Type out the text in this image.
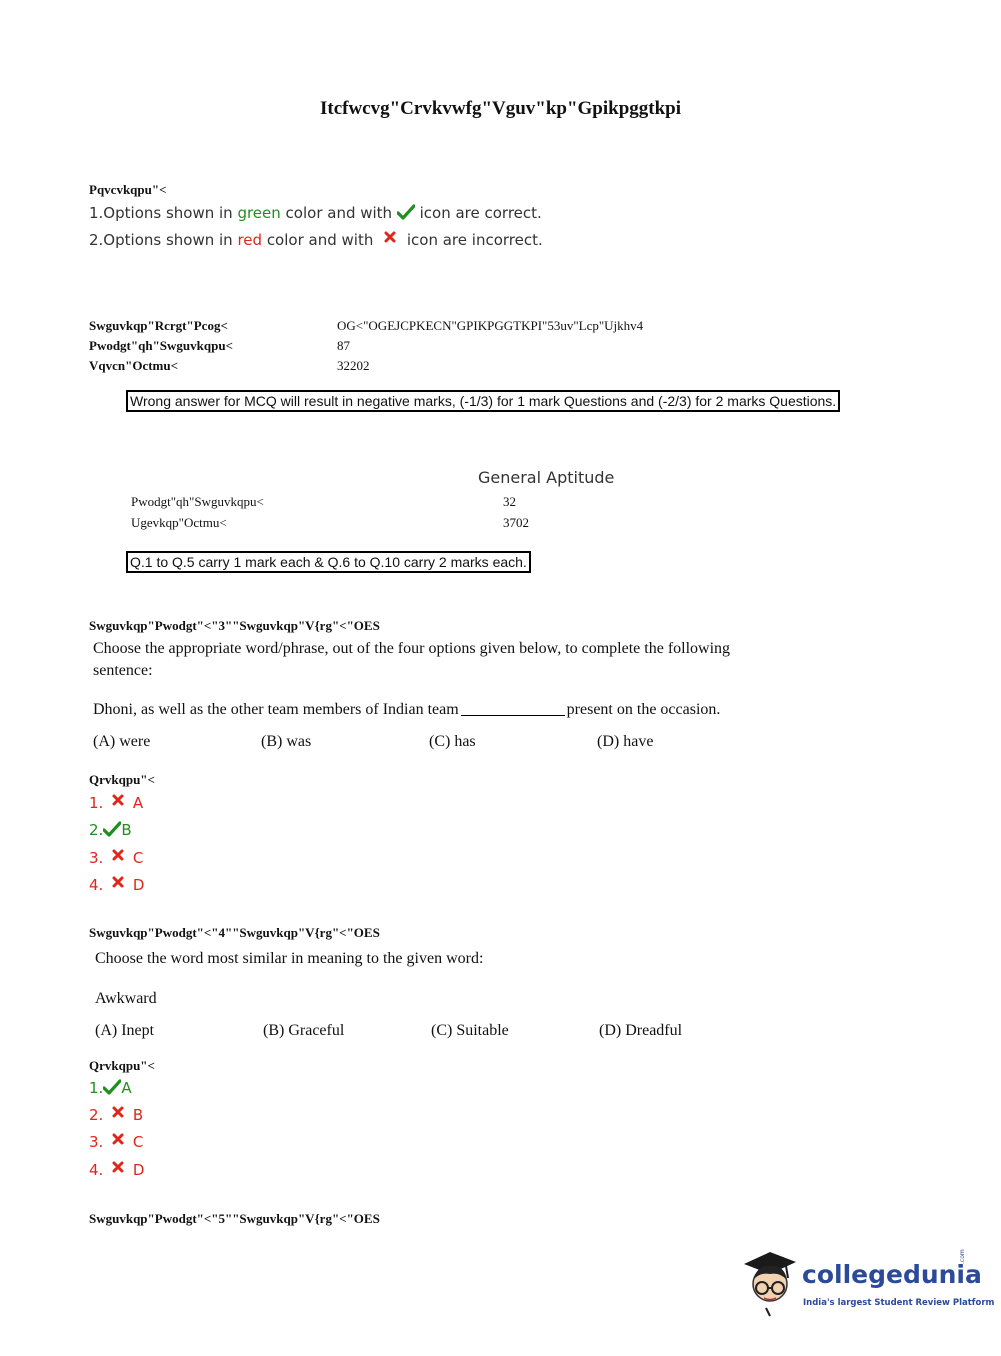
Itcfwcvg"Crvkvwfg"Vguv"kp"Gpikpggtkpi
Pqvcvkqpu"<
1.Options shown in green color and with  icon are correct.
2.Options shown in red color and with  icon are incorrect.
Swguvkqp"Rcrgt"Pcog<	OG<"OGEJCPKECN"GPIKPGGTKPI"53uv"Lcp"Ujkhv4
Pwodgt"qh"Swguvkqpu<	87
Vqvcn"Octmu<	32202
Wrong answer for MCQ will result in negative marks, (-1/3) for 1 mark Questions and (-2/3) for 2 marks Questions.
General Aptitude
Pwodgt"qh"Swguvkqpu<	32
Ugevkqp"Octmu<	3702
Q.1 to Q.5 carry 1 mark each & Q.6 to Q.10 carry 2 marks each.
Swguvkqp"Pwodgt"<"3""Swguvkqp"V{rg"<"OES
Choose the appropriate word/phrase, out of the four options given below, to complete the following
sentence:
Dhoni, as well as the other team members of Indian team	present on the occasion.
(A) were	(B) was	(C) has	(D) have
Qrvkqpu"<
1. A
2. B
3. C
4. D
Swguvkqp"Pwodgt"<"4""Swguvkqp"V{rg"<"OES
Choose the word most similar in meaning to the given word:
Awkward
(A) Inept	(B) Graceful	(C) Suitable	(D) Dreadful
Qrvkqpu"<
1. A
2. B
3. C
4. D
Swguvkqp"Pwodgt"<"5""Swguvkqp"V{rg"<"OES
collegedunia
.com
India's largest Student Review Platform
